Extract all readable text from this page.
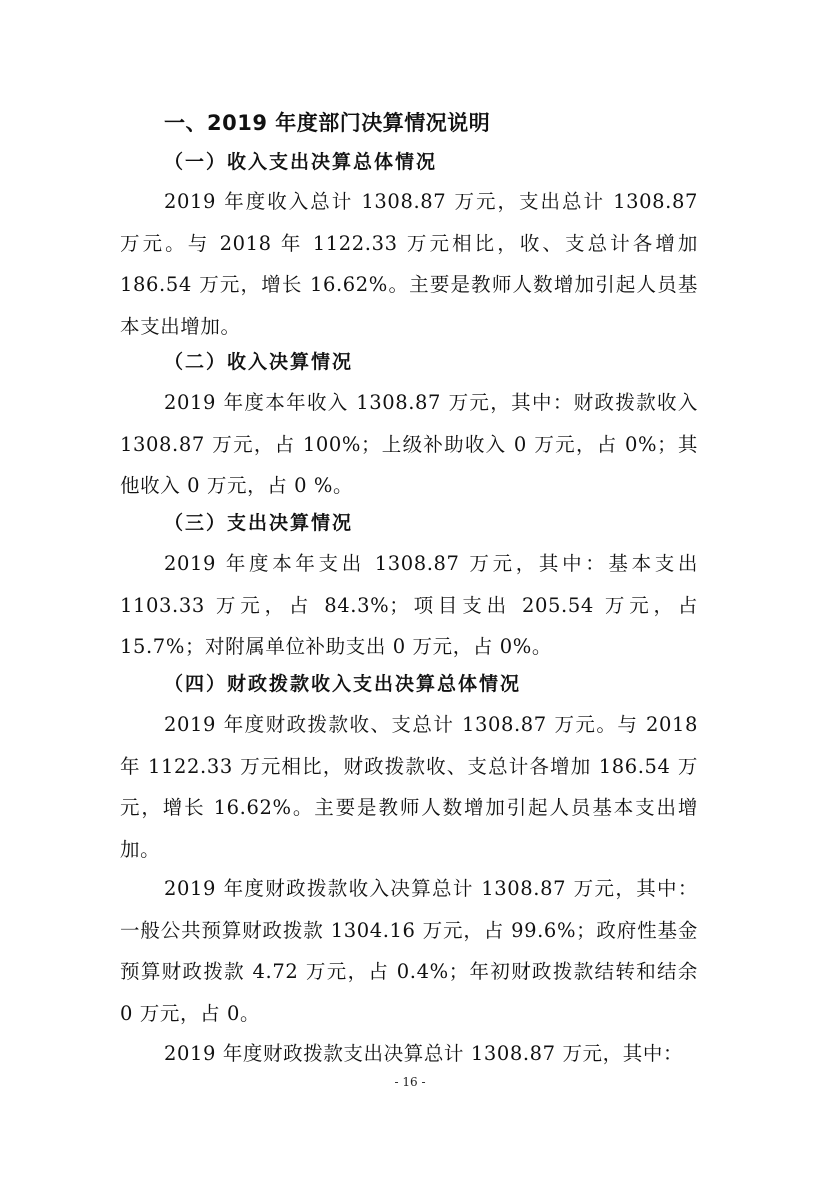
一、2019 年度部门决算情况说明
（一）收入支出决算总体情况
2019 年度收入总计 1308.87 万元，支出总计 1308.87 万元。与 2018 年 1122.33 万元相比，收、支总计各增加 186.54 万元，增长 16.62%。主要是教师人数增加引起人员基本支出增加。
（二）收入决算情况
2019 年度本年收入 1308.87 万元，其中：财政拨款收入 1308.87 万元，占 100%；上级补助收入 0 万元，占 0%；其他收入 0 万元，占 0 %。
（三）支出决算情况
2019 年度本年支出 1308.87 万元，其中：基本支出 1103.33 万元，占 84.3%；项目支出 205.54 万元，占 15.7%；对附属单位补助支出 0 万元，占 0%。
（四）财政拨款收入支出决算总体情况
2019 年度财政拨款收、支总计 1308.87 万元。与 2018 年 1122.33 万元相比，财政拨款收、支总计各增加 186.54 万元，增长 16.62%。主要是教师人数增加引起人员基本支出增加。
2019 年度财政拨款收入决算总计 1308.87 万元，其中：一般公共预算财政拨款 1304.16 万元，占 99.6%；政府性基金预算财政拨款 4.72 万元，占 0.4%；年初财政拨款结转和结余 0 万元，占 0。
2019 年度财政拨款支出决算总计 1308.87 万元，其中：
- 16 -
